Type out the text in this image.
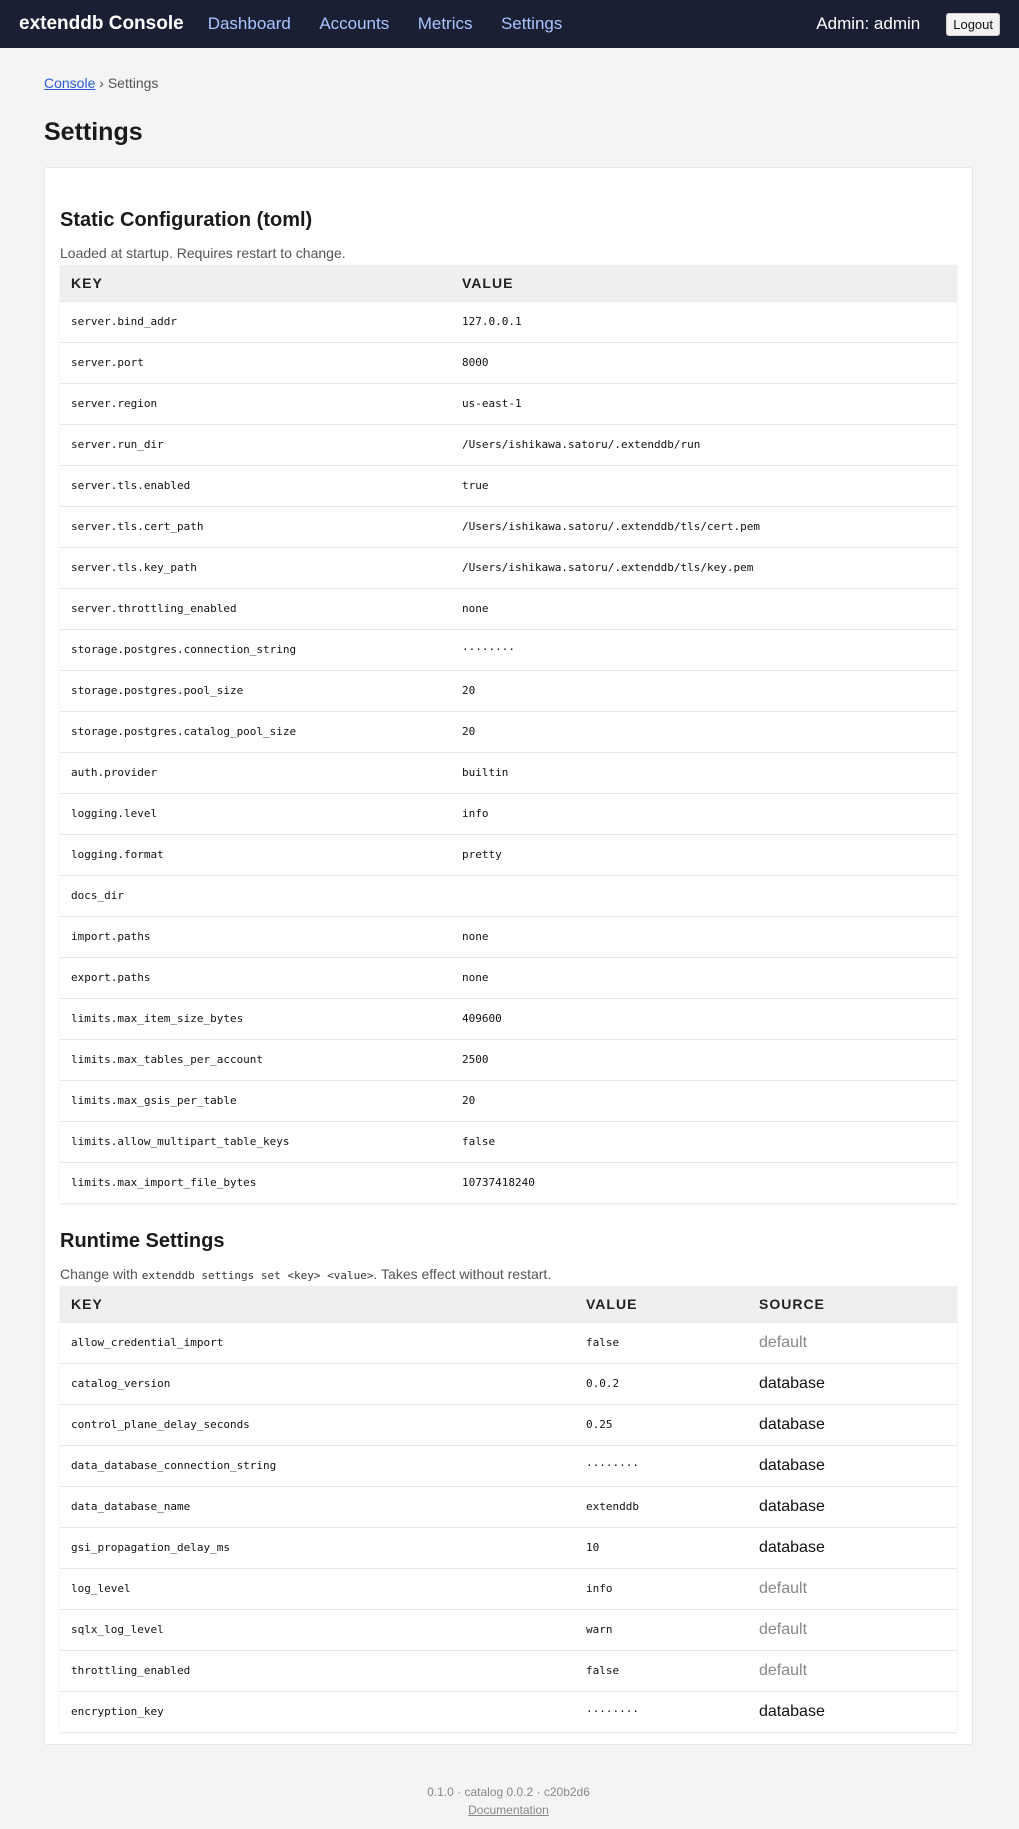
extenddb Console Dashboard Accounts Metrics Settings	Admin: admin	Logout
Console › Settings
Settings
Static Configuration (toml)

Loaded at startup. Requires restart to change.

KEY	VALUE
server.bind_addr	127.0.0.1
server.port	8000
server.region	us-east-1
server.run_dir	/Users/ishikawa.satoru/.extenddb/run
server.tls.enabled	true
server.tls.cert_path	/Users/ishikawa.satoru/.extenddb/tls/cert.pem
server.tls.key_path	/Users/ishikawa.satoru/.extenddb/tls/key.pem
server.throttling_enabled	none
storage.postgres.connection_string	········
storage.postgres.pool_size	20
storage.postgres.catalog_pool_size	20
auth.provider	builtin
logging.level	info
logging.format	pretty
docs_dir	
import.paths	none
export.paths	none
limits.max_item_size_bytes	409600
limits.max_tables_per_account	2500
limits.max_gsis_per_table	20
limits.allow_multipart_table_keys	false
limits.max_import_file_bytes	10737418240
Runtime Settings

Change with extenddb settings set <key> <value>. Takes effect without restart.

KEY	VALUE	SOURCE
allow_credential_import	false	default
catalog_version	0.0.2	database
control_plane_delay_seconds	0.25	database
data_database_connection_string	········	database
data_database_name	extenddb	database
gsi_propagation_delay_ms	10	database
log_level	info	default
sqlx_log_level	warn	default
throttling_enabled	false	default
encryption_key	········	database
0.1.0 · catalog 0.0.2 · c20b2d6
Documentation
